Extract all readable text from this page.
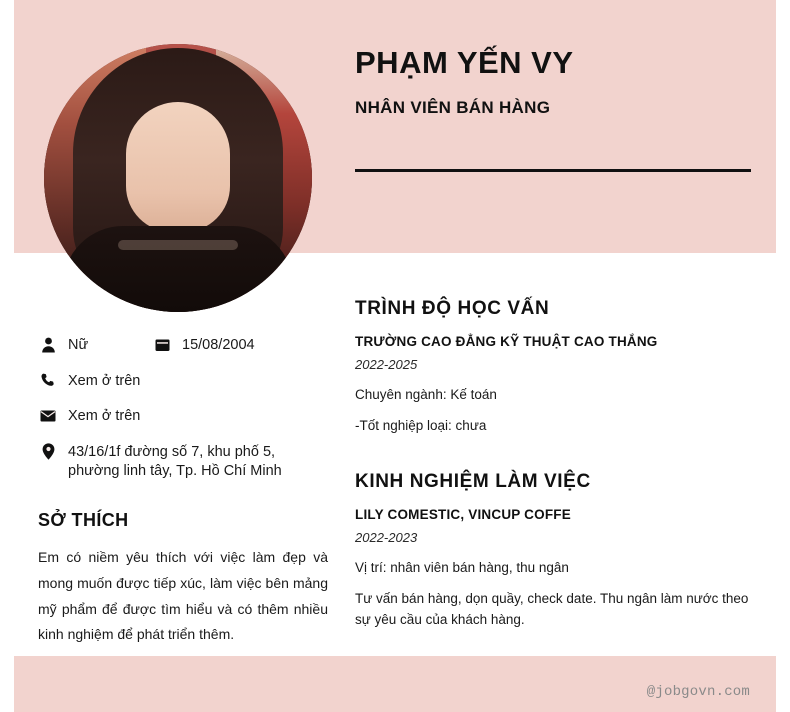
PHẠM YẾN VY
NHÂN VIÊN BÁN HÀNG
Nữ	15/08/2004
Xem ở trên
Xem ở trên
43/16/1f đường số 7, khu phố 5, phường linh tây, Tp. Hồ Chí Minh
SỞ THÍCH

Em có niềm yêu thích với việc làm đẹp và mong muốn được tiếp xúc, làm việc bên mảng mỹ phẩm để được tìm hiểu và có thêm nhiều kinh nghiệm để phát triển thêm.

TRÌNH ĐỘ HỌC VẤN

TRƯỜNG CAO ĐẲNG KỸ THUẬT CAO THẮNG

2022-2025

Chuyên ngành: Kế toán

-Tốt nghiệp loại: chưa

KINH NGHIỆM LÀM VIỆC

LILY COMESTIC, VINCUP COFFE

2022-2023

Vị trí: nhân viên bán hàng, thu ngân

Tư vấn bán hàng, dọn quầy, check date. Thu ngân làm nước theo sự yêu cầu của khách hàng.

@jobgovn.com
